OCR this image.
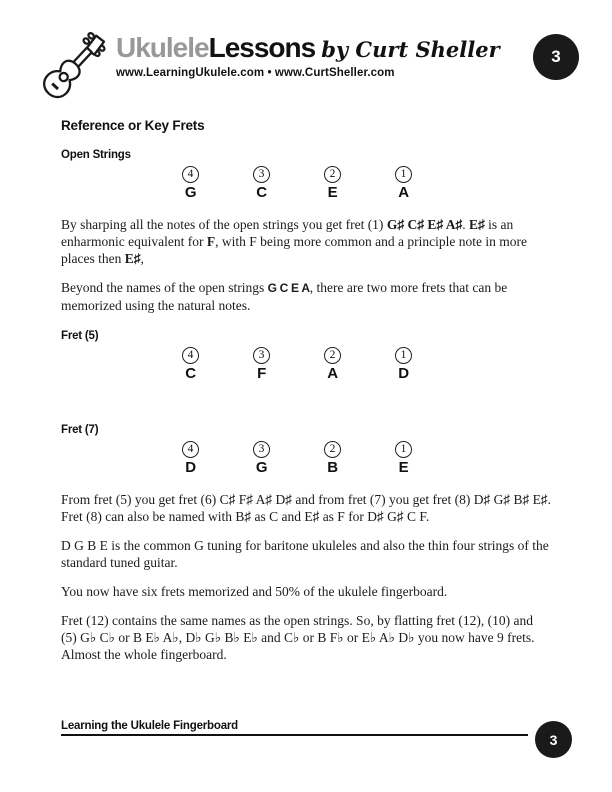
UkuleleLessons by Curt Sheller
www.LearningUkulele.com • www.CurtSheller.com
3
Reference or Key Frets
Open Strings
4	3	2	1
G	C	E	A
By sharping all the notes of the open strings you get fret (1) G♯ C♯ E♯ A♯. E♯ is an enharmonic equivalent for F, with F being more common and a principle note in more places then E♯,
Beyond the names of the open strings G C E A, there are two more frets that can be memorized using the natural notes.
Fret (5)
4	3	2	1
C	F	A	D
Fret (7)
4	3	2	1
D	G	B	E
From fret (5) you get fret (6) C♯ F♯ A♯ D♯ and from fret (7) you get fret (8) D♯ G♯ B♯ E♯. Fret (8) can also be named with B♯ as C and E♯ as F for D♯ G♯ C F.
D G B E is the common G tuning for baritone ukuleles and also the thin four strings of the standard tuned guitar.
You now have six frets memorized and 50% of the ukulele fingerboard.
Fret (12) contains the same names as the open strings. So, by flatting fret (12), (10) and (5) G♭ C♭ or B E♭ A♭, D♭ G♭ B♭ E♭ and C♭ or B F♭ or E♭ A♭ D♭ you now have 9 frets. Almost the whole fingerboard.
Learning the Ukulele Fingerboard
3
